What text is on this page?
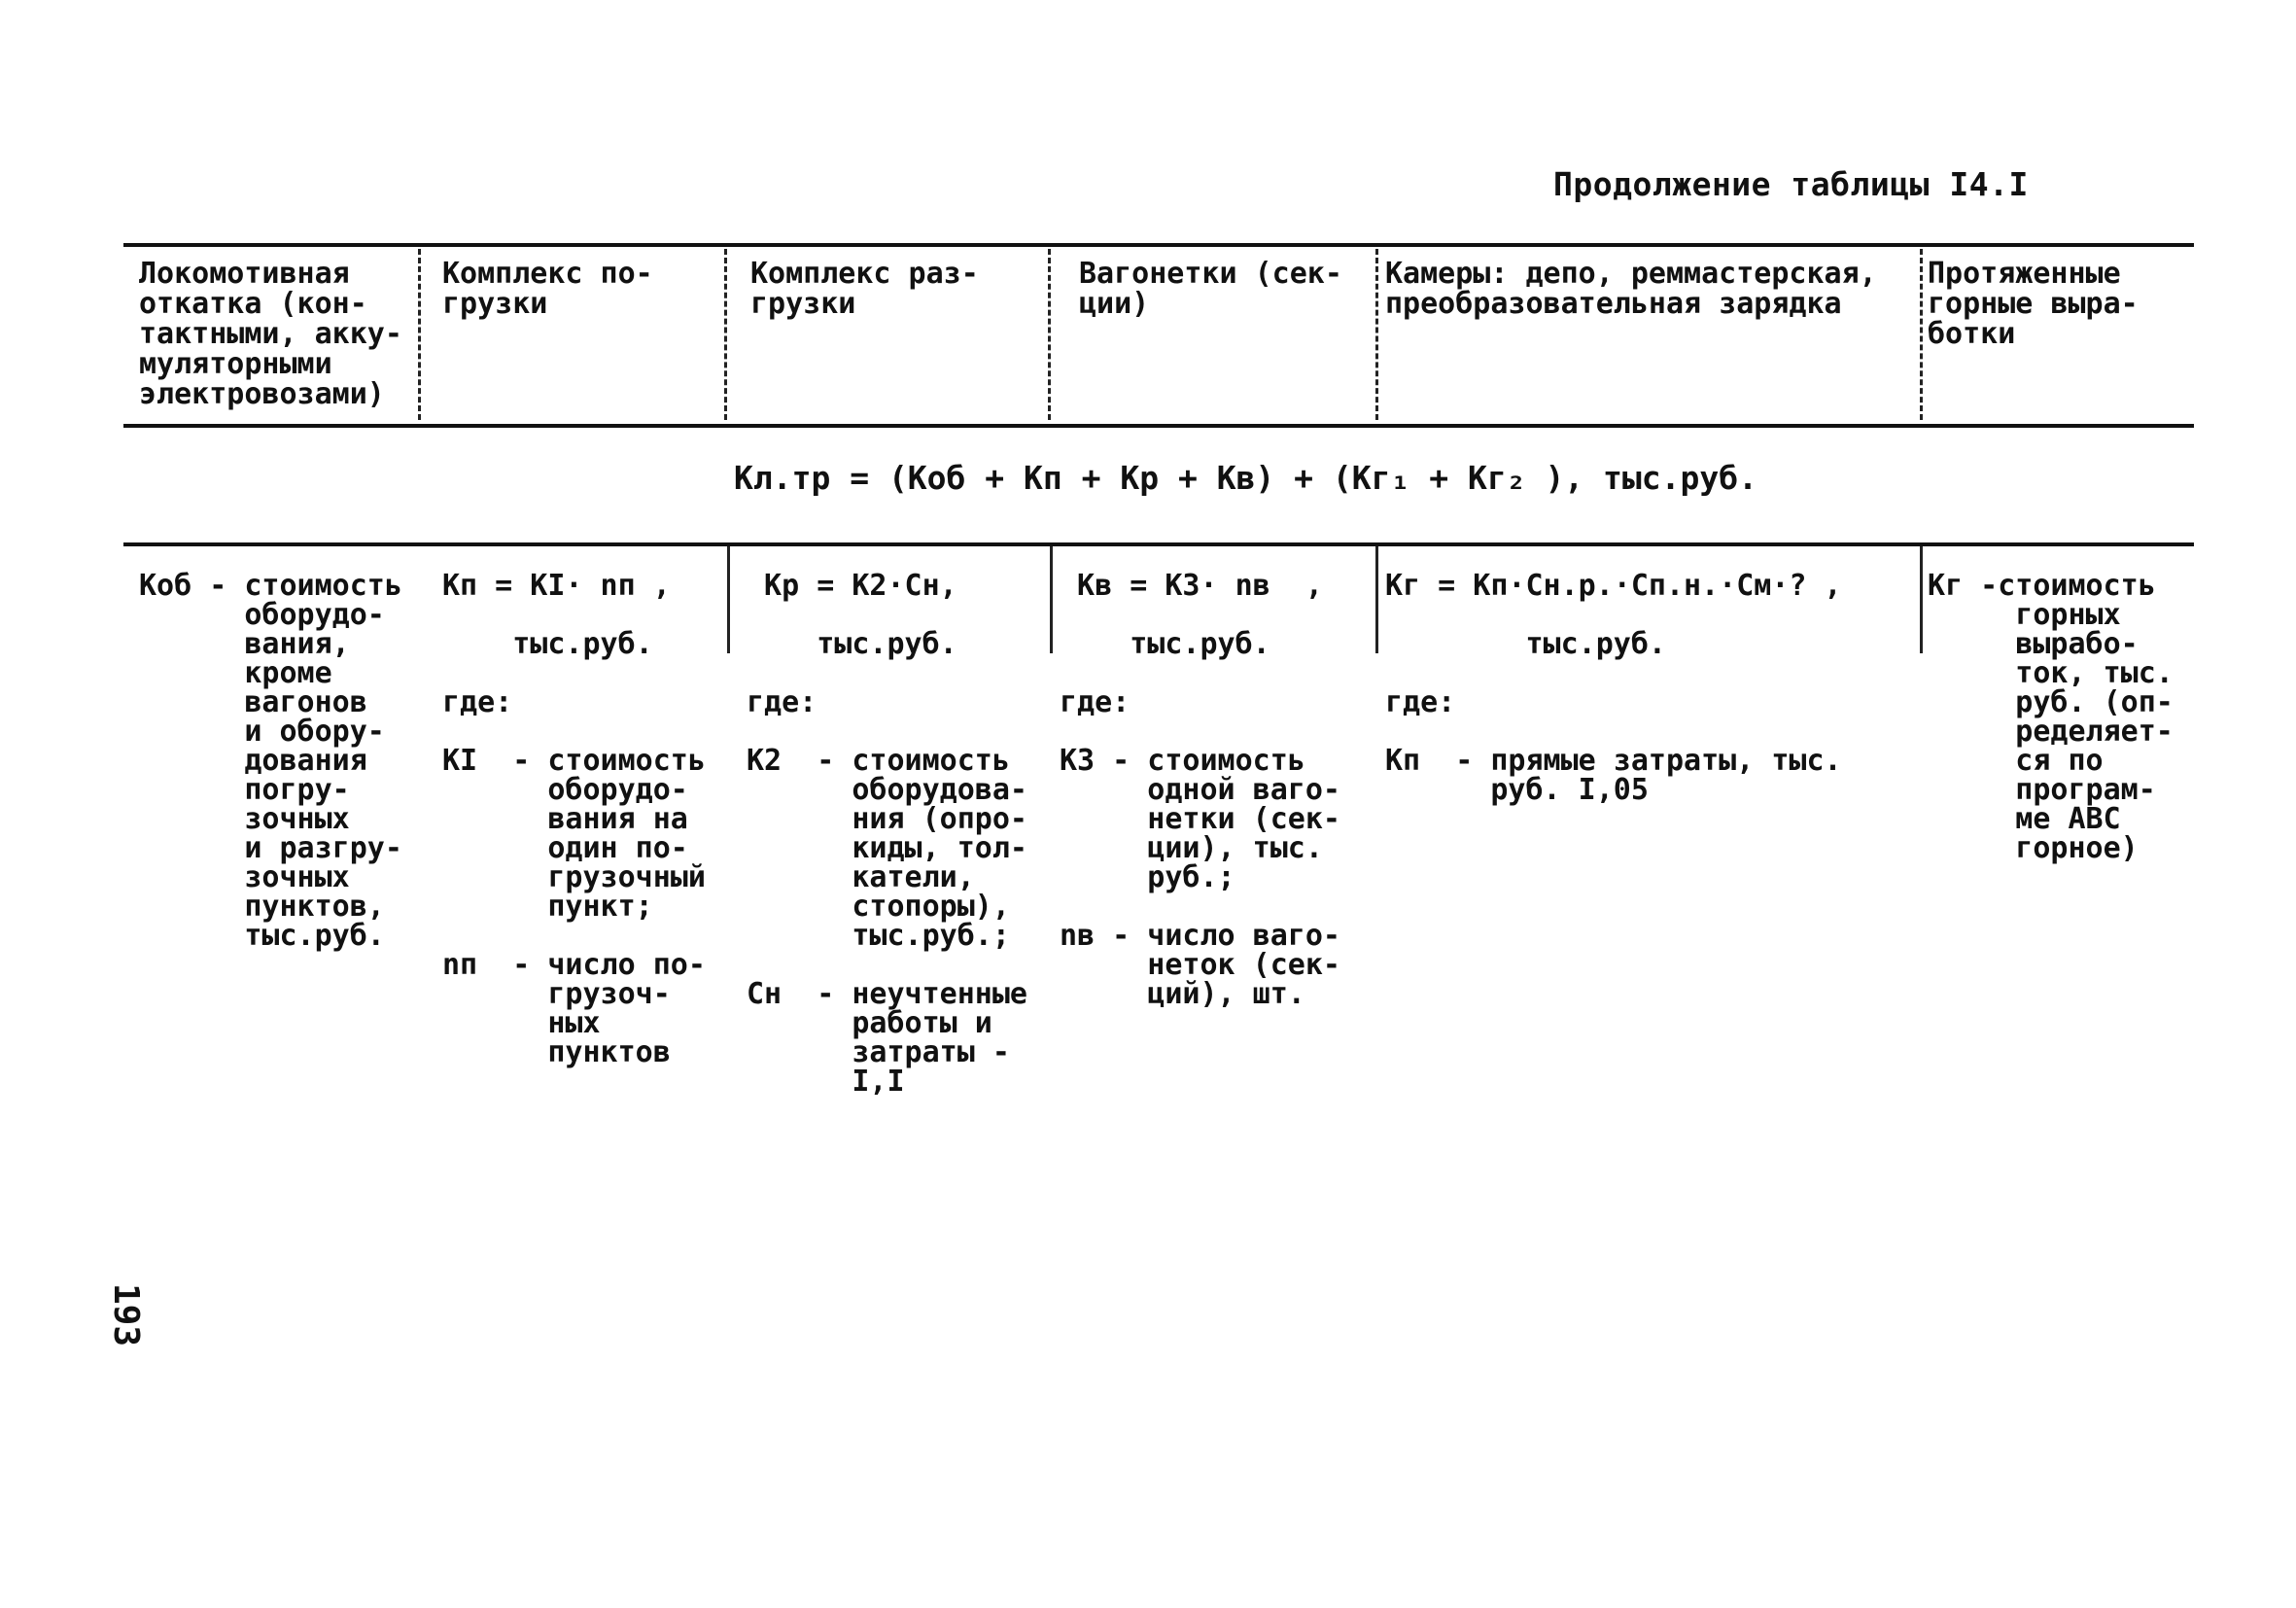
Продолжение таблицы I4.I
Локомотивная
откатка (кон-
тактными, акку-
муляторными
электровозами)
Комплекс по-
грузки
Комплекс раз-
грузки
Вагонетки (сек-
ции)
Камеры: депо, реммастерская,
преобразовательная зарядка
Протяженные
горные выра-
ботки
Kл.тр = (Kоб + Kп + Kр + Kв) + (Kг₁ + Kг₂ ), тыс.руб.
Kоб - стоимость
оборудо-
вания,
кроме
вагонов
и обору-
дования
погру-
зочных
и разгру-
зочных
пунктов,
тыс.руб.
Kп = KI· nп ,

тыс.руб.

где:

KI  - стоимость
оборудо-
вания на
один по-
грузочный
пункт;

nп  - число по-
грузоч-
ных
пунктов
Kр = K2·Cн,

тыс.руб.

где:

K2  - стоимость
оборудова-
ния (опро-
киды, тол-
катели,
стопоры),
тыс.руб.;

Cн  - неучтенные
работы и
затраты -
I,I
Kв = K3· nв  ,

тыс.руб.

где:

K3 - стоимость
одной ваго-
нетки (сек-
ции), тыс.
руб.;

nв - число ваго-
неток (сек-
ций), шт.
Kг = Kп·Cн.р.·Cп.н.·Cм·? ,

тыс.руб.

где:

Kп  - прямые затраты, тыс.
руб. I,05
Kг -стоимость
горных
вырабо-
ток, тыс.
руб. (оп-
ределяет-
ся по
програм-
ме АВС
горное)
193
